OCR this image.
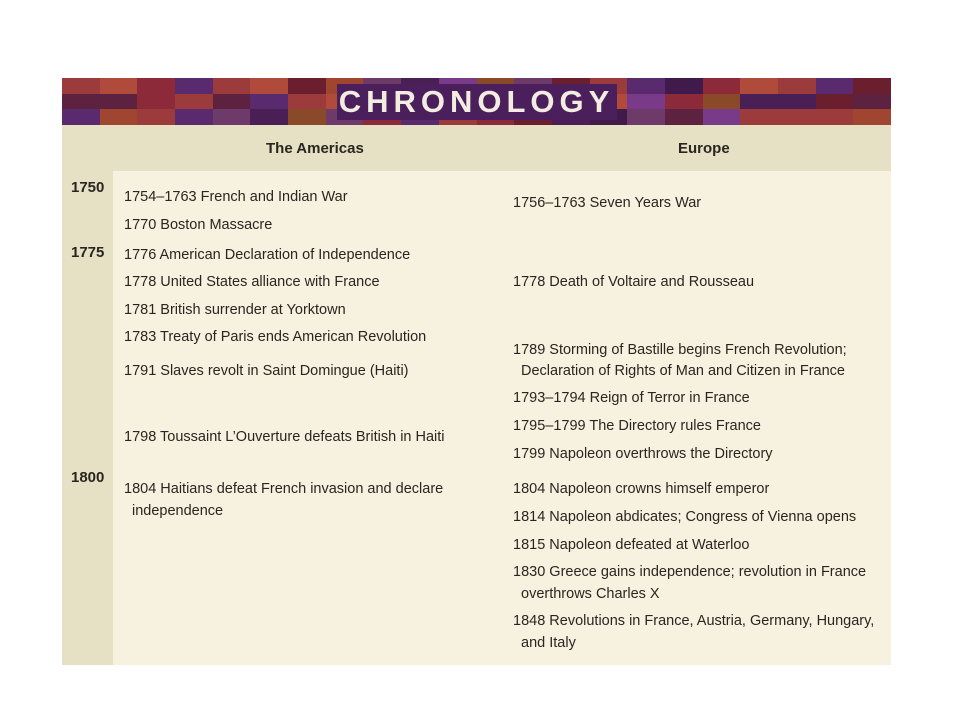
CHRONOLOGY
The Americas	Europe
1750
1775
1800
1754–1763 French and Indian War
1770 Boston Massacre
1776 American Declaration of Independence
1778 United States alliance with France
1781 British surrender at Yorktown
1783 Treaty of Paris ends American Revolution
1791 Slaves revolt in Saint Domingue (Haiti)
1798 Toussaint L’Ouverture defeats British in Haiti
1804 Haitians defeat French invasion and declare
independence
1756–1763 Seven Years War
1778 Death of Voltaire and Rousseau
1789 Storming of Bastille begins French Revolution;
Declaration of Rights of Man and Citizen in France
1793–1794 Reign of Terror in France
1795–1799 The Directory rules France
1799 Napoleon overthrows the Directory
1804 Napoleon crowns himself emperor
1814 Napoleon abdicates; Congress of Vienna opens
1815 Napoleon defeated at Waterloo
1830 Greece gains independence; revolution in France
overthrows Charles X
1848 Revolutions in France, Austria, Germany, Hungary,
and Italy
